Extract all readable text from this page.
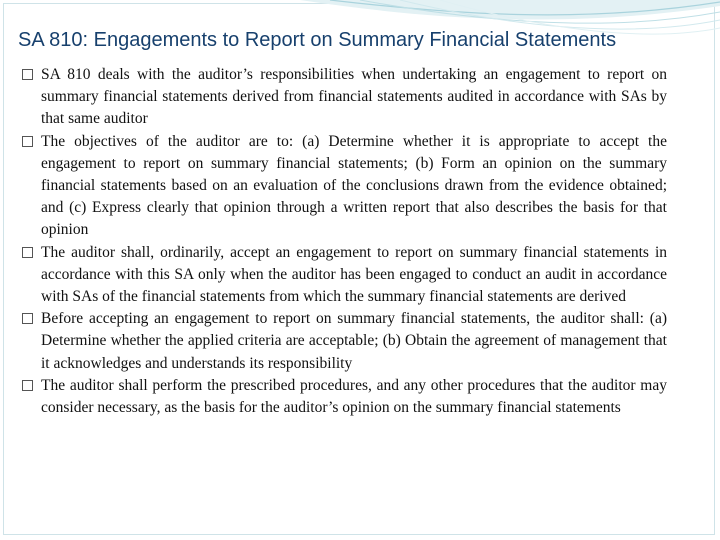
SA 810: Engagements to Report on Summary Financial Statements
SA 810 deals with the auditor’s responsibilities when undertaking an engagement to report on summary financial statements derived from financial statements audited in accordance with SAs by that same auditor
The objectives of the auditor are to: (a) Determine whether it is appropriate to accept the engagement to report on summary financial statements; (b) Form an opinion on the summary financial statements based on an evaluation of the conclusions drawn from the evidence obtained; and (c) Express clearly that opinion through a written report that also describes the basis for that opinion
The auditor shall, ordinarily, accept an engagement to report on summary financial statements in accordance with this SA only when the auditor has been engaged to conduct an audit in accordance with SAs of the financial statements from which the summary financial statements are derived
Before accepting an engagement to report on summary financial statements, the auditor shall: (a) Determine whether the applied criteria are acceptable; (b) Obtain the agreement of management that it acknowledges and understands its responsibility
The auditor shall perform the prescribed procedures, and any other procedures that the auditor may consider necessary, as the basis for the auditor’s opinion on the summary financial statements
